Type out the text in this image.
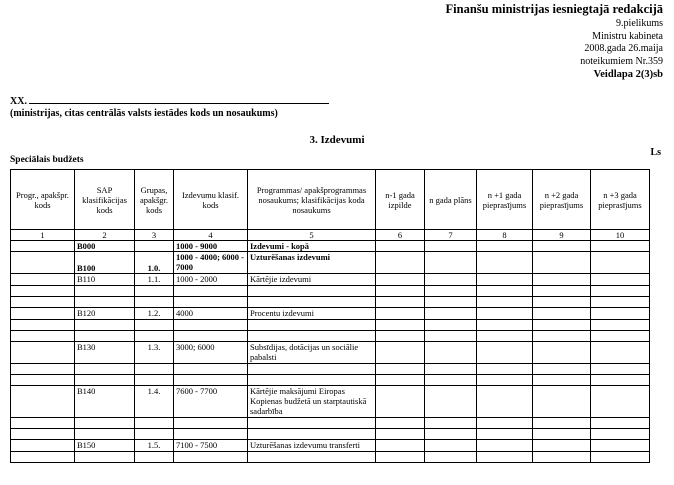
Finanšu ministrijas iesniegtajā redakcijā
9.pielikums
Ministru kabineta
2008.gada 26.maija
noteikumiem Nr.359
Veidlapa 2(3)sb
XX.
(ministrijas, citas centrālās valsts iestādes kods un nosaukums)
3. Izdevumi
Ls
Speciālais budžets
Progr., apakšpr. kods	SAP klasifikācijas kods	Grupas, apakšgr. kods	Izdevumu klasif. kods	Programmas/ apakšprogrammas nosaukums; klasifikācijas koda nosaukums	n-1 gada izpilde	n gada plāns	n +1 gada pieprasījums	n +2 gada pieprasījums	n +3 gada pieprasījums
1	2	3	4	5	6	7	8	9	10
	B000		1000 - 9000	Izdevumi - kopā					
	B100	1.0.	1000 - 4000; 6000 - 7000	Uzturēšanas izdevumi					
	B110	1.1.	1000 - 2000	Kārtējie izdevumi					

	B120	1.2.	4000	Procentu izdevumi					

	B130	1.3.	3000; 6000	Subsīdijas, dotācijas un sociālie pabalsti					

	B140	1.4.	7600 - 7700	Kārtējie maksājumi Eiropas Kopienas budžetā un starptautiskā sadarbība					

	B150	1.5.	7100 - 7500	Uzturēšanas izdevumu transferti					
